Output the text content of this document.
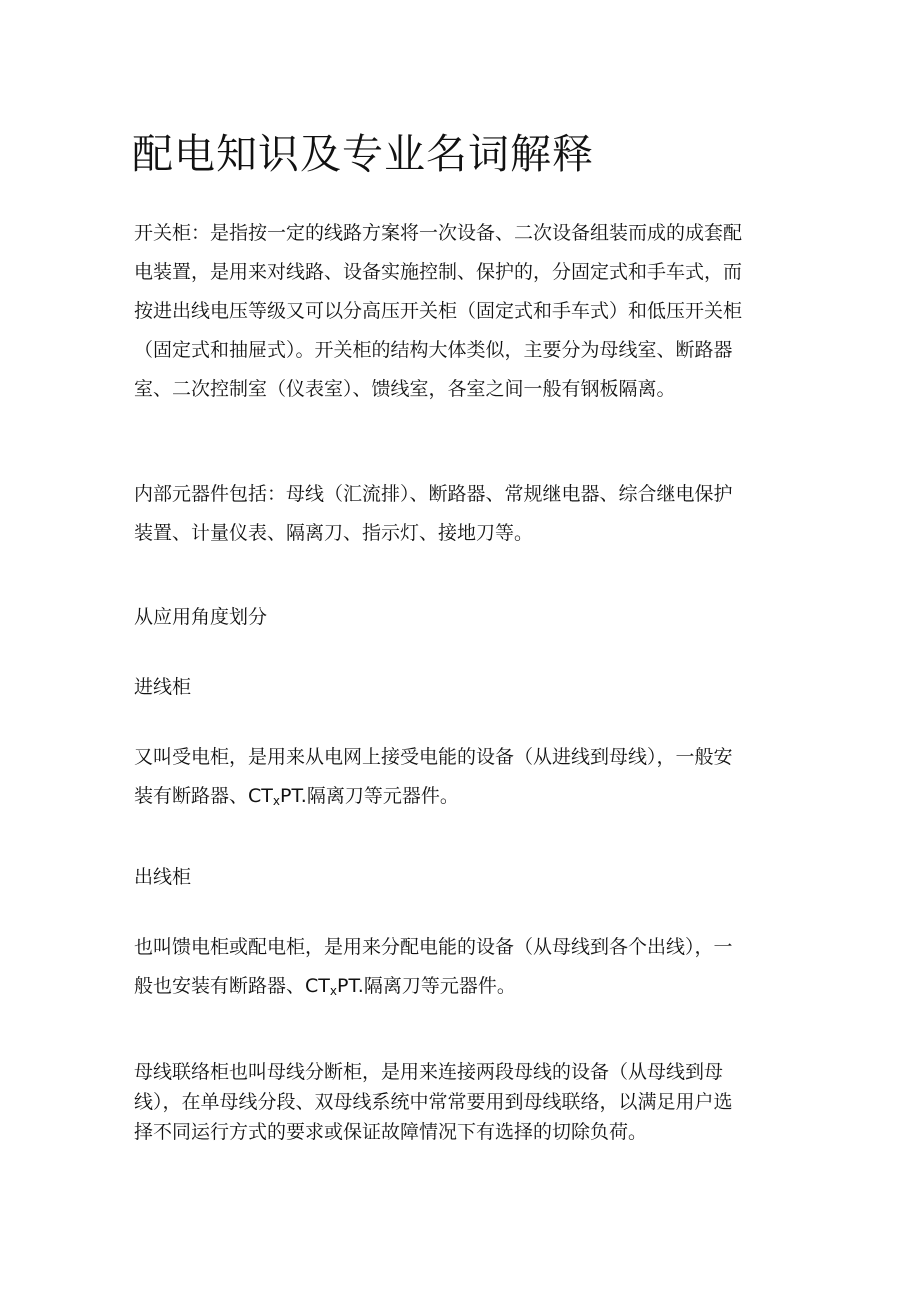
配电知识及专业名词解释

开关柜：是指按一定的线路方案将一次设备、二次设备组装而成的成套配
电装置，是用来对线路、设备实施控制、保护的，分固定式和手车式，而
按进出线电压等级又可以分高压开关柜（固定式和手车式）和低压开关柜
（固定式和抽屉式）。开关柜的结构大体类似，主要分为母线室、断路器
室、二次控制室（仪表室）、馈线室，各室之间一般有钢板隔离。

内部元器件包括：母线（汇流排）、断路器、常规继电器、综合继电保护
装置、计量仪表、隔离刀、指示灯、接地刀等。

从应用角度划分

进线柜

又叫受电柜，是用来从电网上接受电能的设备（从进线到母线），一般安
装有断路器、$CT_xPT$.隔离刀等元器件。

出线柜

也叫馈电柜或配电柜，是用来分配电能的设备（从母线到各个出线），一
般也安装有断路器、$CT_xPT$.隔离刀等元器件。

母线联络柜也叫母线分断柜，是用来连接两段母线的设备（从母线到母
线），在单母线分段、双母线系统中常常要用到母线联络，以满足用户选
择不同运行方式的要求或保证故障情况下有选择的切除负荷。
